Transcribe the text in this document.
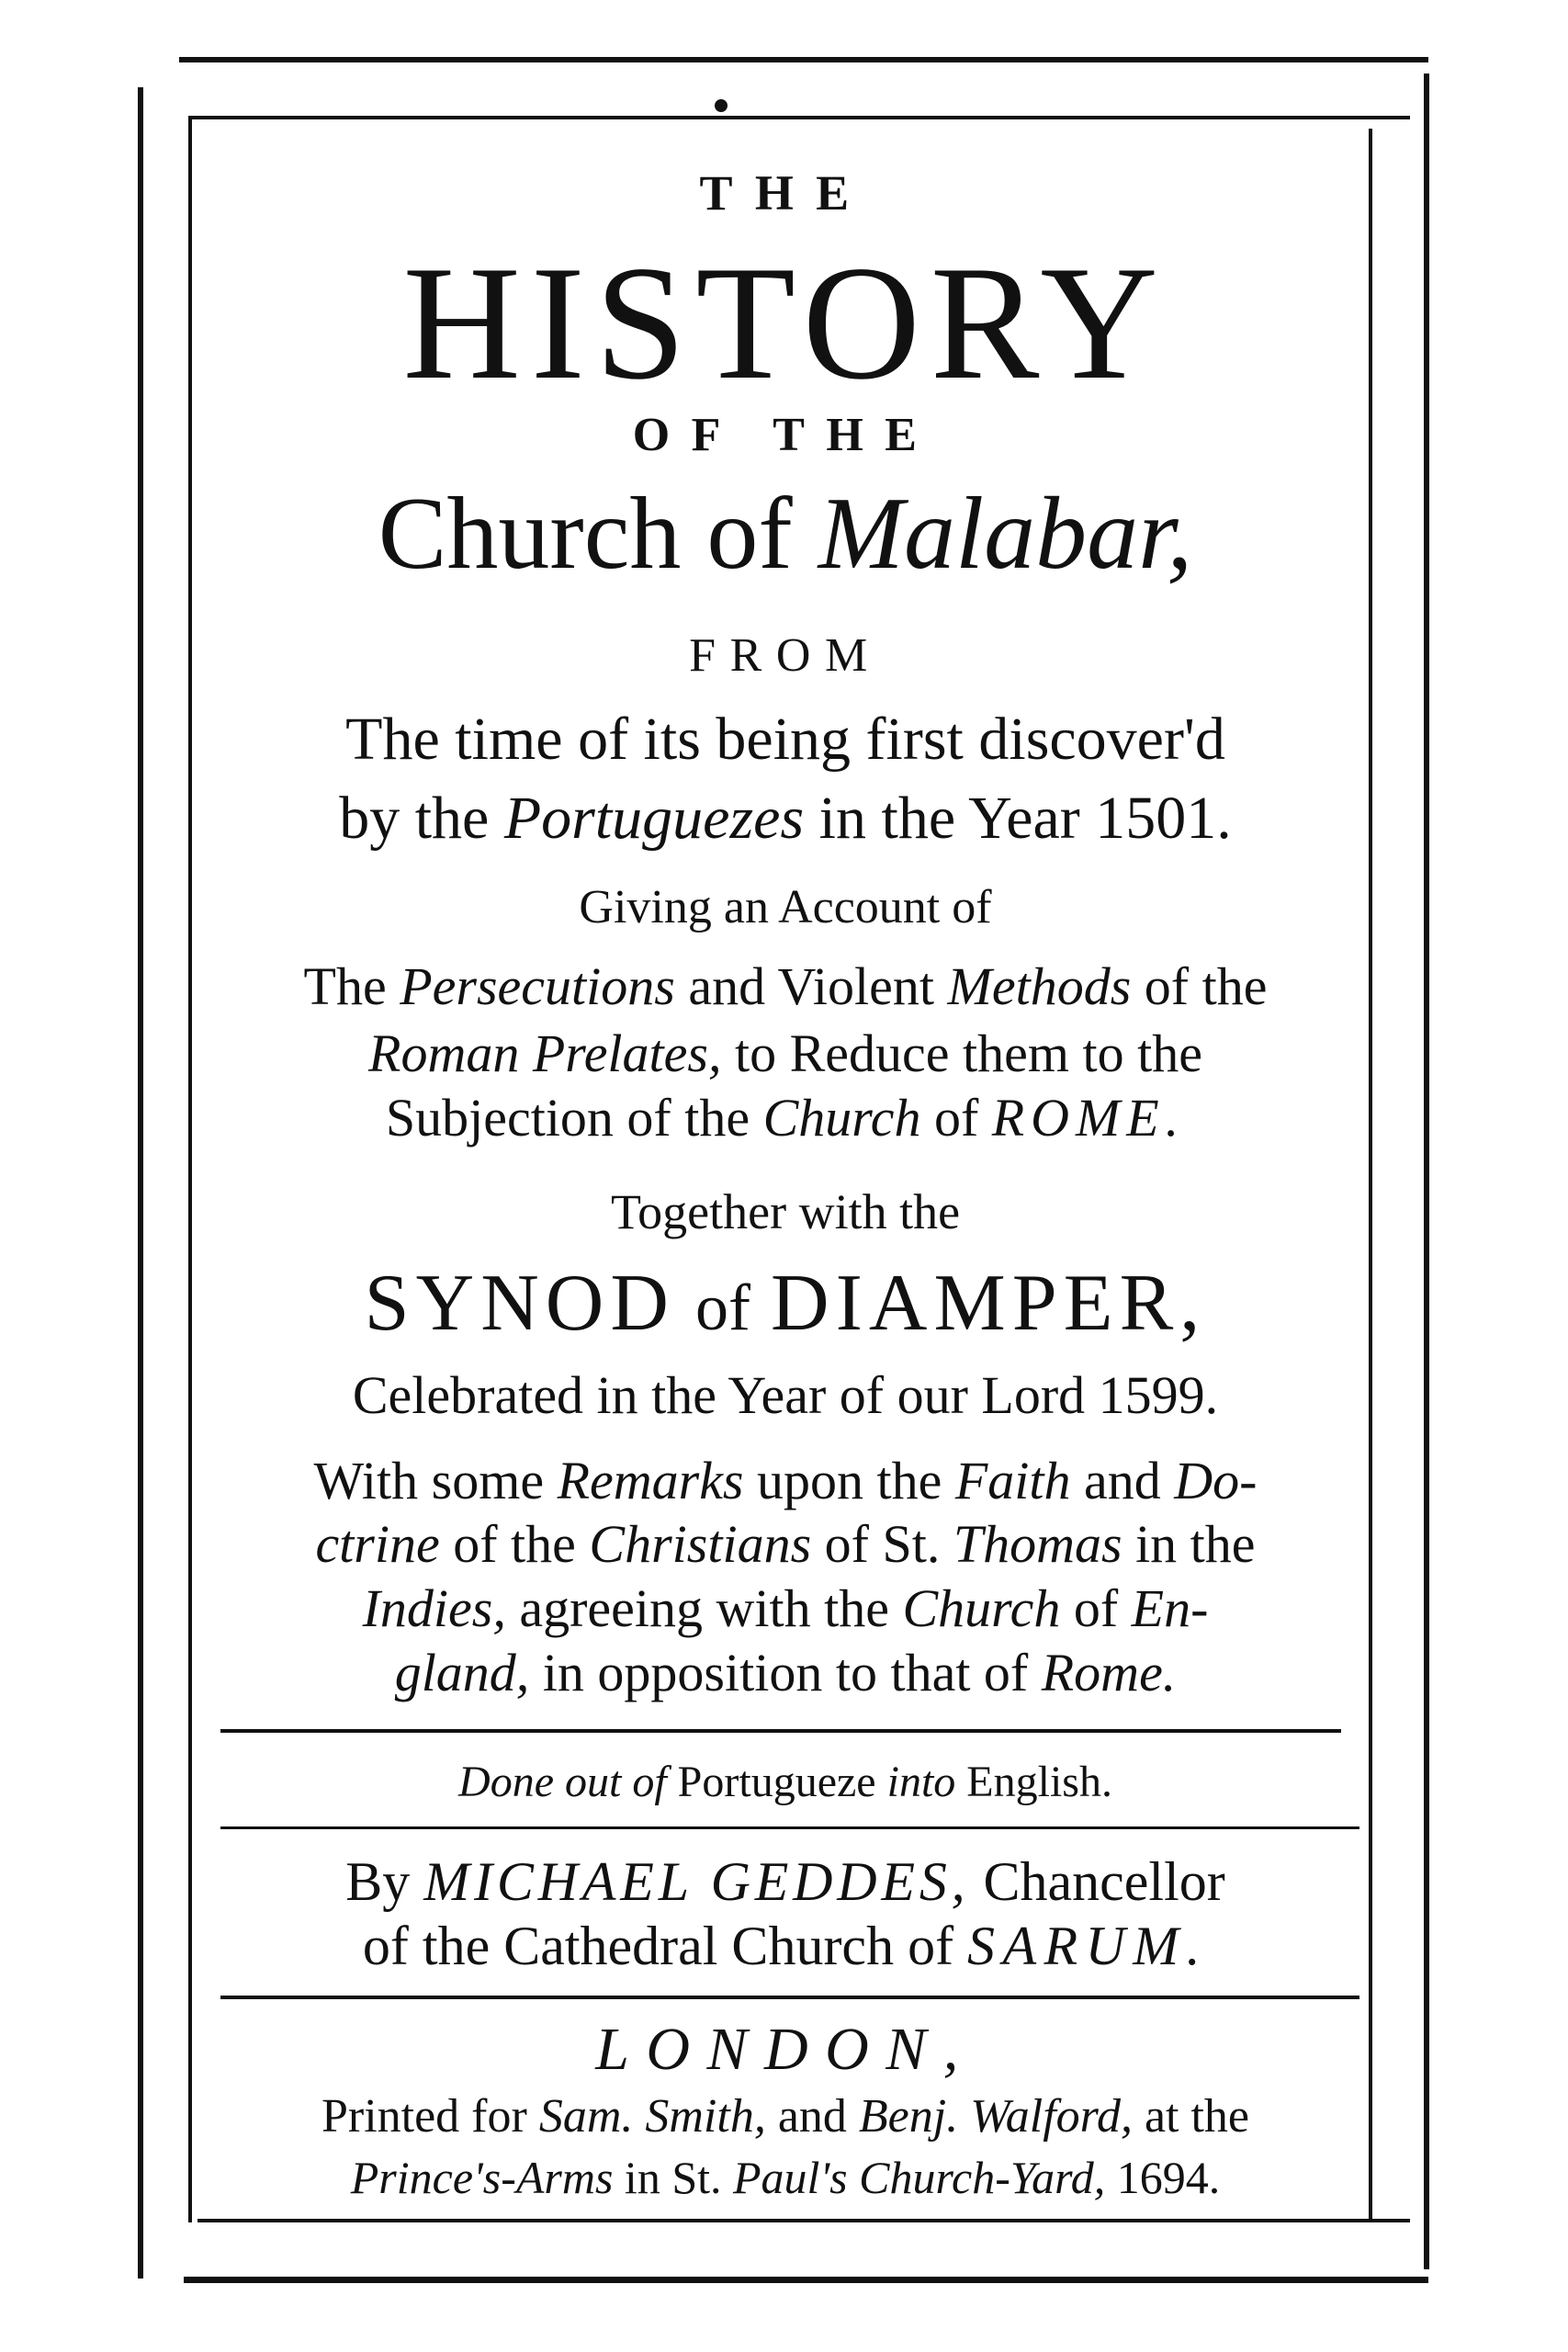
THE
HISTORY
OF THE
Church of Malabar,
FROM
The time of its being first discover'd
by the Portuguezes in the Year 1501.
Giving an Account of
The Persecutions and Violent Methods of the
Roman Prelates, to Reduce them to the
Subjection of the Church of ROME.
Together with the
SYNOD of DIAMPER,
Celebrated in the Year of our Lord 1599.
With some Remarks upon the Faith and Do-
ctrine of the Christians of St. Thomas in the
Indies, agreeing with the Church of En-
gland, in opposition to that of Rome.
Done out of Portugueze into English.
By MICHAEL GEDDES, Chancellor
of the Cathedral Church of SARUM.
LONDON,
Printed for Sam. Smith, and Benj. Walford, at the
Prince's-Arms in St. Paul's Church-Yard, 1694.
